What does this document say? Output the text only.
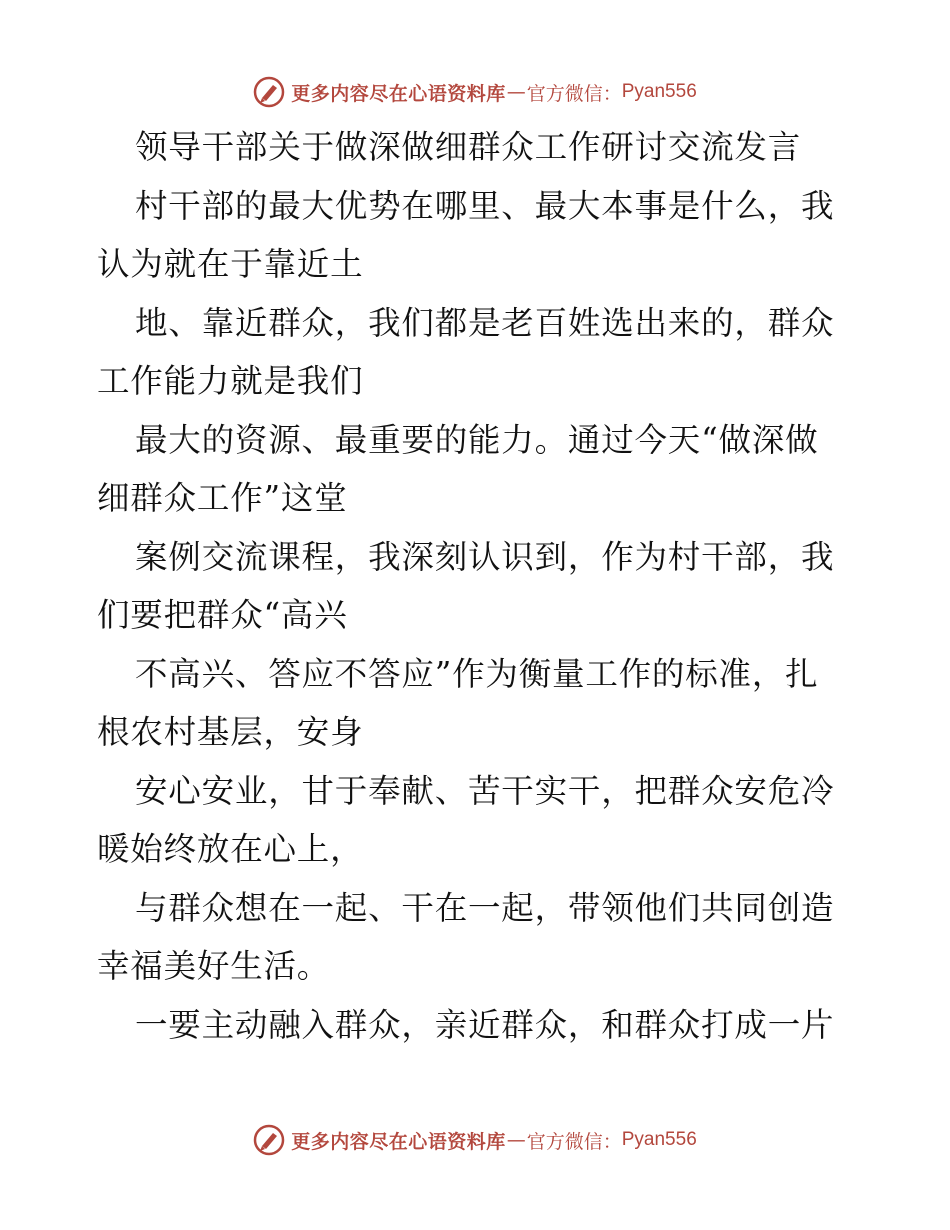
更多内容尽在心语资料库 — 官方微信： Pyan556
领导干部关于做深做细群众工作研讨交流发言
村干部的最大优势在哪里、最大本事是什么，我
认为就在于靠近土
地、靠近群众，我们都是老百姓选出来的，群众
工作能力就是我们
最大的资源、最重要的能力。通过今天“做深做
细群众工作”这堂
案例交流课程，我深刻认识到，作为村干部，我
们要把群众“高兴
不高兴、答应不答应”作为衡量工作的标准，扎
根农村基层，安身
安心安业，甘于奉献、苦干实干，把群众安危冷
暖始终放在心上，
与群众想在一起、干在一起，带领他们共同创造
幸福美好生活。
一要主动融入群众，亲近群众，和群众打成一片
更多内容尽在心语资料库 — 官方微信： Pyan556
